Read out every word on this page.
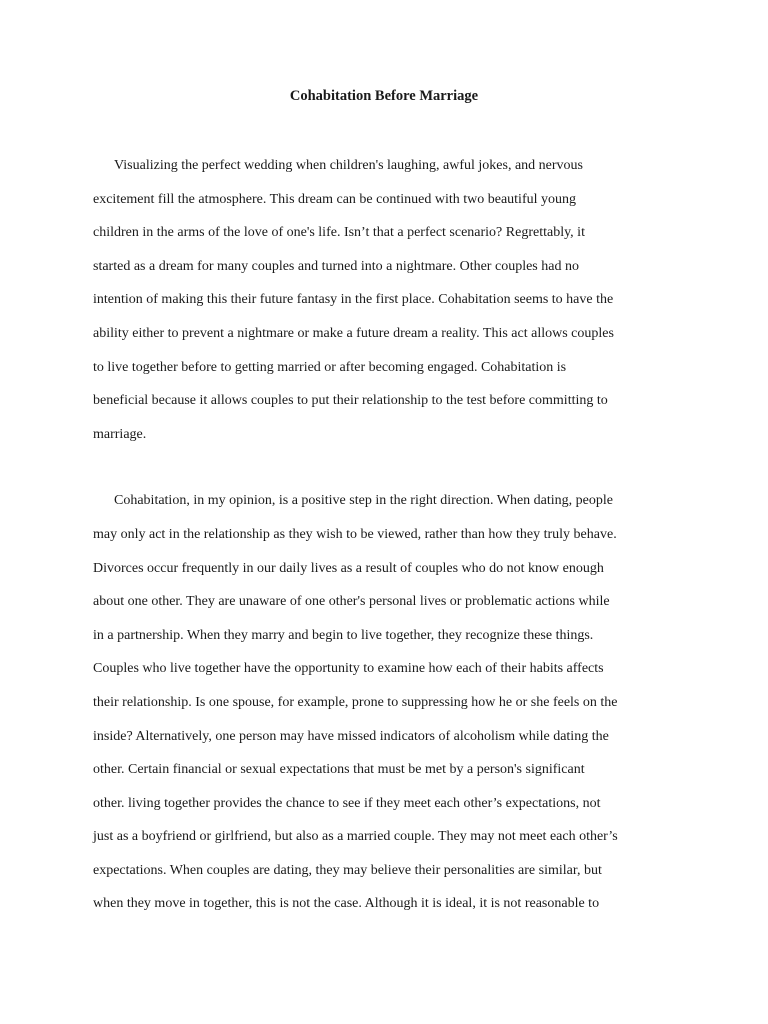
Cohabitation Before Marriage

Visualizing the perfect wedding when children's laughing, awful jokes, and nervous
excitement fill the atmosphere. This dream can be continued with two beautiful young
children in the arms of the love of one's life. Isn’t that a perfect scenario? Regrettably, it
started as a dream for many couples and turned into a nightmare. Other couples had no
intention of making this their future fantasy in the first place. Cohabitation seems to have the
ability either to prevent a nightmare or make a future dream a reality. This act allows couples
to live together before to getting married or after becoming engaged. Cohabitation is
beneficial because it allows couples to put their relationship to the test before committing to
marriage.

Cohabitation, in my opinion, is a positive step in the right direction. When dating, people
may only act in the relationship as they wish to be viewed, rather than how they truly behave.
Divorces occur frequently in our daily lives as a result of couples who do not know enough
about one other. They are unaware of one other's personal lives or problematic actions while
in a partnership. When they marry and begin to live together, they recognize these things.
Couples who live together have the opportunity to examine how each of their habits affects
their relationship. Is one spouse, for example, prone to suppressing how he or she feels on the
inside? Alternatively, one person may have missed indicators of alcoholism while dating the
other. Certain financial or sexual expectations that must be met by a person's significant
other. living together provides the chance to see if they meet each other’s expectations, not
just as a boyfriend or girlfriend, but also as a married couple. They may not meet each other’s
expectations. When couples are dating, they may believe their personalities are similar, but
when they move in together, this is not the case. Although it is ideal, it is not reasonable to
